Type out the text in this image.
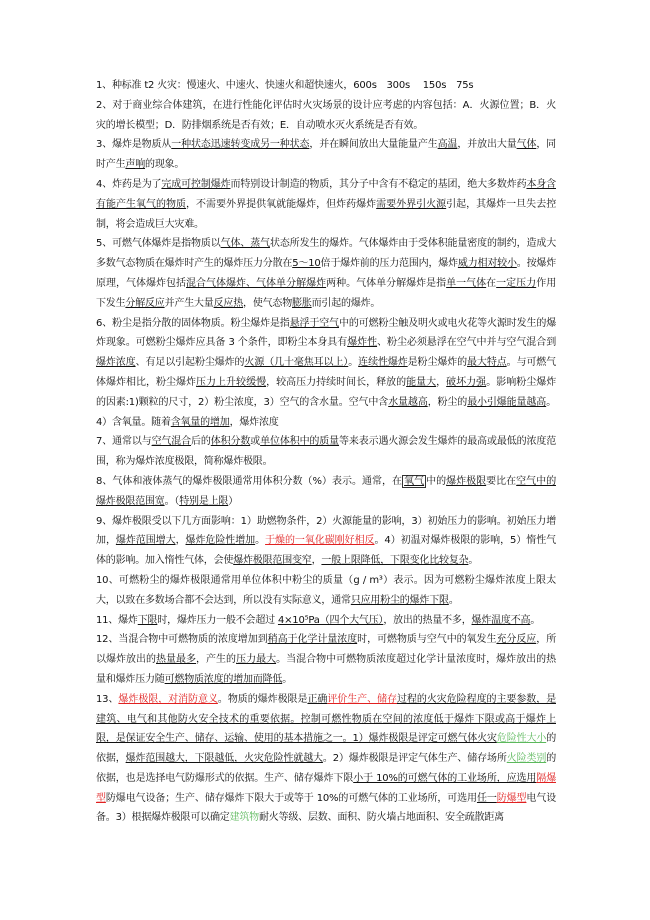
1、种标准 t2 火灾：慢速火、中速火、快速火和超快速火，600s　300s　 150s　75s

2、对于商业综合体建筑，在进行性能化评估时火灾场景的设计应考虑的内容包括：A．火源位置；B．火灾的增长模型；D．防排烟系统是否有效；E．自动喷水灭火系统是否有效。

3、爆炸是物质从一种状态迅速转变成另一种状态，并在瞬间放出大量能量产生高温，并放出大量气体，同时产生声响的现象。

4、炸药是为了完成可控制爆炸而特别设计制造的物质，其分子中含有不稳定的基团，绝大多数炸药本身含有能产生氧气的物质，不需要外界提供氧就能爆炸，但炸药爆炸需要外界引火源引起，其爆炸一旦失去控制，将会造成巨大灾难。

5、可燃气体爆炸是指物质以气体、蒸气状态所发生的爆炸。气体爆炸由于受体积能量密度的制约，造成大多数气态物质在爆炸时产生的爆炸压力分散在5～10倍于爆炸前的压力范围内，爆炸威力相对较小。按爆炸原理，气体爆炸包括混合气体爆炸、气体单分解爆炸两种。气体单分解爆炸是指单一气体在一定压力作用下发生分解反应并产生大量反应热，使气态物膨胀而引起的爆炸。

6、粉尘是指分散的固体物质。粉尘爆炸是指悬浮于空气中的可燃粉尘触及明火或电火花等火源时发生的爆炸现象。可燃粉尘爆炸应具备 3 个条件，即粉尘本身具有爆炸性、粉尘必须悬浮在空气中并与空气混合到爆炸浓度、有足以引起粉尘爆炸的火源（几十毫焦耳以上）。连续性爆炸是粉尘爆炸的最大特点。与可燃气体爆炸相比，粉尘爆炸压力上升较缓慢，较高压力持续时间长，释放的能量大，破坏力强。影响粉尘爆炸的因素:1)颗粒的尺寸，2）粉尘浓度，3）空气的含水量。空气中含水量越高，粉尘的最小引爆能量越高。4）含氧量。随着含氧量的增加，爆炸浓度

7、通常以与空气混合后的体积分数或单位体积中的质量等来表示遇火源会发生爆炸的最高或最低的浓度范围，称为爆炸浓度极限，简称爆炸极限。

8、气体和液体蒸气的爆炸极限通常用体积分数（%）表示。通常，在 氧气 中的爆炸极限要比在空气中的爆炸极限范围宽。（特别是上限）

9、爆炸极限受以下几方面影响：1）助燃物条件，2）火源能量的影响，3）初始压力的影响。初始压力增加，爆炸范围增大，爆炸危险性增加。于燥的一氧化碳刚好相反。4）初温对爆炸极限的影响，5）惰性气体的影响。加入惰性气体，会使爆炸极限范围变窄，一般上限降低，下限变化比较复杂。

10、可燃粉尘的爆炸极限通常用单位体积中粉尘的质量（g / m³）表示。因为可燃粉尘爆炸浓度上限太大，以致在多数场合都不会达到，所以没有实际意义，通常只应用粉尘的爆炸下限。

11、爆炸下限时，爆炸压力一般不会超过 4×10⁵Pa（四个大气压），放出的热量不多，爆炸温度不高。

12、当混合物中可燃物质的浓度增加到稍高于化学计量浓度时，可燃物质与空气中的氧发生充分反应，所以爆炸放出的热量最多，产生的压力最大。当混合物中可燃物质浓度超过化学计量浓度时，爆炸放出的热量和爆炸压力随可燃物质浓度的增加而降低。

13、爆炸极限，对消防意义。物质的爆炸极限是正确评价生产、储存过程的火灾危险程度的主要参数，是建筑、电气和其他防火安全技术的重要依据。控制可燃性物质在空间的浓度低于爆炸下限或高于爆炸上限，是保证安全生产、储存、运输、使用的基本措施之一。1）爆炸极限是评定可燃气体火灾危险性大小的依据，爆炸范围越大，下限越低，火灾危险性就越大。2）爆炸极限是评定气体生产、储存场所火险类别的依据，也是选择电气防爆形式的依据。生产、储存爆炸下限小于 10%的可燃气体的工业场所，应选用隔爆型防爆电气设备；生产、储存爆炸下限大于或等于 10%的可燃气体的工业场所，可选用任一防爆型电气设备。3）根据爆炸极限可以确定建筑物耐火等级、层数、面积、防火墙占地面积、安全疏散距离
